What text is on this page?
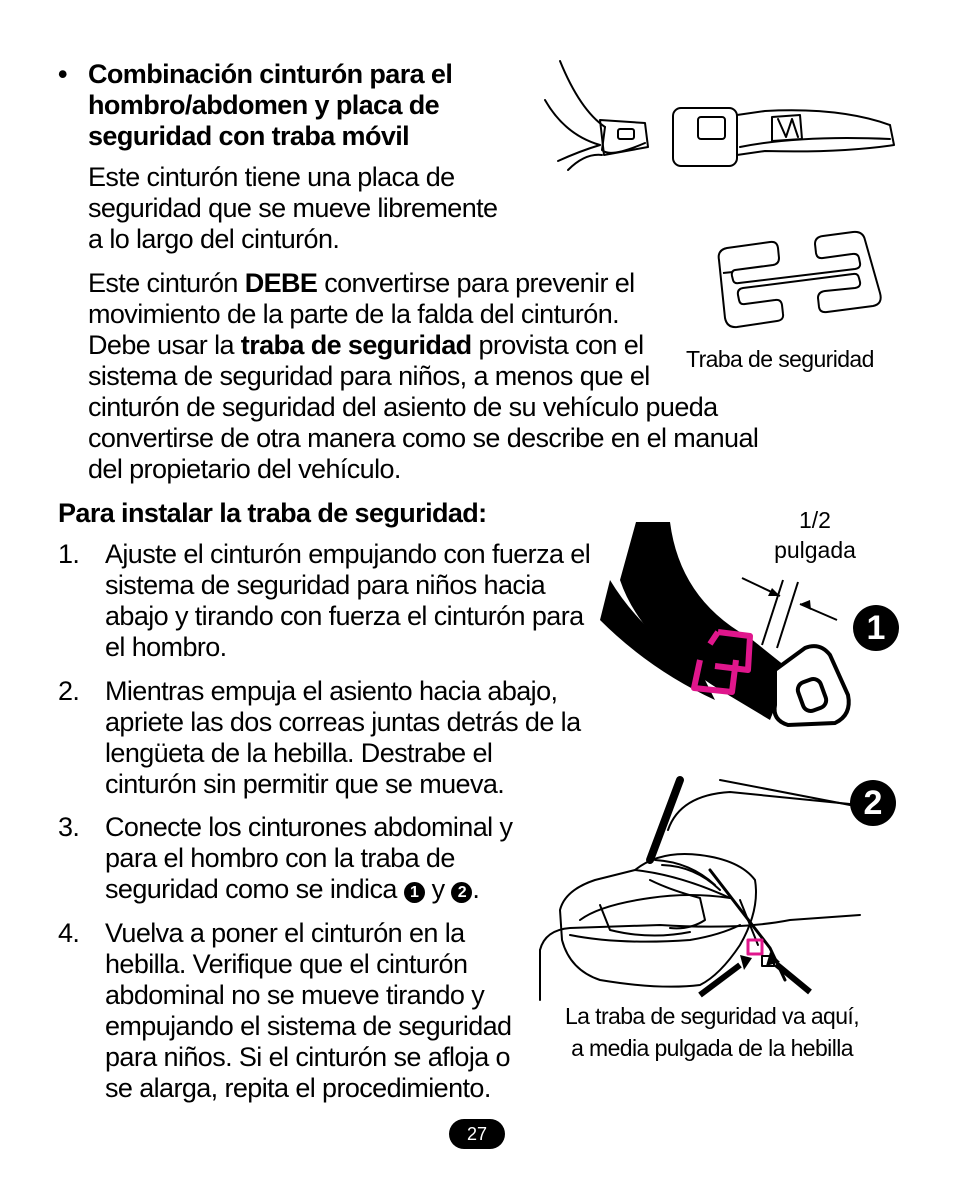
• Combinación cinturón para el
hombro/abdomen y placa de
seguridad con traba móvil
Este cinturón tiene una placa de
seguridad que se mueve libremente
a lo largo del cinturón.
Este cinturón DEBE convertirse para prevenir el
movimiento de la parte de la falda del cinturón.
Debe usar la traba de seguridad provista con el
sistema de seguridad para niños, a menos que el
cinturón de seguridad del asiento de su vehículo pueda
convertirse de otra manera como se describe en el manual
del propietario del vehículo.
Traba de seguridad
Para instalar la traba de seguridad:
1. Ajuste el cinturón empujando con fuerza el
sistema de seguridad para niños hacia
abajo y tirando con fuerza el cinturón para
el hombro.
2. Mientras empuja el asiento hacia abajo,
apriete las dos correas juntas detrás de la
lengüeta de la hebilla. Destrabe el
cinturón sin permitir que se mueva.
3. Conecte los cinturones abdominal y
para el hombro con la traba de
seguridad como se indica 1 y 2 .
4. Vuelva a poner el cinturón en la
hebilla. Verifique que el cinturón
abdominal no se mueve tirando y
empujando el sistema de seguridad
para niños. Si el cinturón se afloja o
se alarga, repita el procedimiento.
1/2
pulgada
1
2
La traba de seguridad va aquí,
a media pulgada de la hebilla
27
